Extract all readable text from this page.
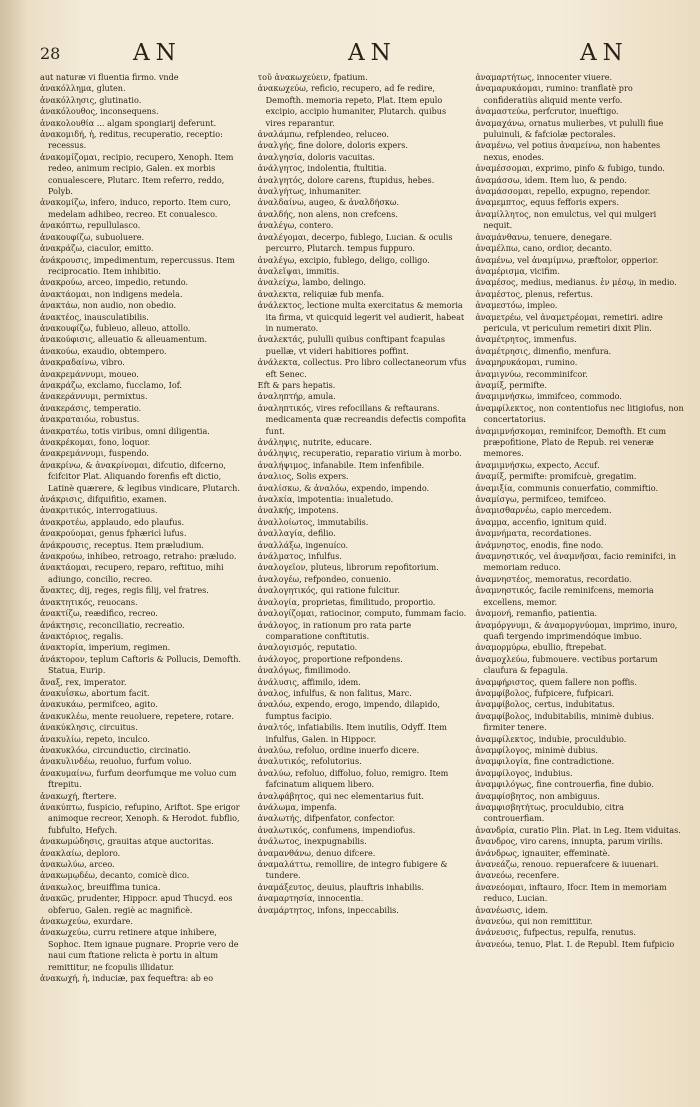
28	AN	AN	AN

aut naturæ vi fluentia firmo. vnde

ἀνακόλλημα, gluten.

ἀνακόλλησις, glutinatio.

ἀνακόλουθος, inconsequens.

ἀνακολουθία ... algam spongiarij deferunt.

ἀνακομιδή, ἡ, reditus, recuperatio, receptio: recessus.

ἀνακομίζομαι, recipio, recupero, Xenoph. Item redeo, animum recipio, Galen. ex morbis conualescere, Plutarc. Item referro, reddo, Polyb.

ἀνακομίζω, infero, induco, reporto. Item curo, medelam adhibeo, recreo. Et conualesco.

ἀνακόπτω, repullulasco.

ἀνακουφίζω, subuoluere.

ἀνακράζω, ciaculor, emitto.

ἀνάκρουσις, impedimentum, repercussus. Item reciprocatio. Item inhibitio.

ἀνακρούω, arceo, impedio, retundo.

ἀνακτάομαι, non indigens medela.

ἀνακτάω, non audio, non obedio.

ἀνακτέος, inausculatibilis.

ἀνακουφίζω, fubleuo, alleuo, attollo.

ἀνακούφισις, alleuatio & alleuamentum.

ἀνακούω, exaudio, obtempero.

ἀνακραδαίνω, vibro.

ἀνακρεμάννυμι, moueo.

ἀνακράζω, exclamo, fucclamo, Iof.

ἀνακεράννυμι, permixtus.

ἀνακεράσις, temperatio.

ἀνακραταιόω, robustus.

ἀνακρατέω, totis viribus, omni diligentia.

ἀνακρέκομαι, fono, loquor.

ἀνακρεμάννυμι, fuspendo.

ἀνακρίνω, & ἀνακρίνομαι, difcutio, difcerno, fcifcitor Plat. Aliquando forenfis eft dictio, Latinè quærere, & legibus vindicare, Plutarch.

ἀνάκρισις, difquifitio, examen.

ἀνακριτικός, interrogatiuus.

ἀνακροτέω, applaudo, edo plaufus.

ἀνακρούομαι, genus fphæricì lufus.

ἀνάκρουσις, receptus. Item præludium.

ἀνακρούω, inhibeo, retroago, retraho: præludo.

ἀνακτάομαι, recupero, reparo, reftituo, mihi adiungo, concilio, recreo.

ἄνακτες, dij, reges, regis filij, vel fratres.

ἀνακτητικός, reuocans.

ἀνακτίζω, reædifico, recreo.

ἀνάκτησις, reconciliatio, recreatio.

ἀνακτόριος, regalis.

ἀνακτορία, imperium, regimen.

ἀνάκτορον, teplum Caftoris & Pollucis, Demofth. Statua, Eurip.

ἄναξ, rex, imperator.

ἀνακυΐσκω, abortum facit.

ἀνακυκάω, permifceo, agito.

ἀνακυκλέω, mente reuoluere, repetere, rotare.

ἀνακύκλησις, circuitus.

ἀνακυλίω, repeto, inculco.

ἀνακυκλόω, circunductio, circinatio.

ἀνακυλινδέω, reuoluo, furfum voluo.

ἀνακυμαίνω, furfum deorfumque me voluo cum ftrepitu.

ἀνακωχή, ftertere.

ἀνακύπτω, fuspicio, refupino, Ariftot. Spe erigor animoque recreor, Xenoph. & Herodot. fubflio, fubfulto, Hefych.

ἀνακωμώδησις, grauitas atque auctoritas.

ἀνακλαίω, deploro.

ἀνακωλύω, arceo.

ἀνακωμῳδέω, decanto, comicè dico.

ἀνακωλος, breuiffima tunica.

ἀνακῶς, prudenter, Hippocr. apud Thucyd. eos obferuo, Galen. regiè ac magnificè.

ἀνακωχεύω, exurdare.

ἀνακωχεύω, curru retinere atque inhibere, Sophoc. Item ignaue pugnare. Proprie vero de naui cum ftatione relicta è portu in altum remittitur, ne fcopulis illidatur.

ἀνακωχή, ἡ, induciæ, pax fequeftra: ab eo

τοῦ ἀνακωχεύειν, fpatium.

ἀνακωχεύω, reficio, recupero, ad fe redire, Demofth. memoria repeto, Plat. Item epulo excipio, accipio humaniter, Plutarch. quibus vires reparantur.

ἀναλάμπω, refplendeo, reluceo.

ἀναλγής, fine dolore, doloris expers.

ἀναλγησία, doloris vacuitas.

ἀνάλγητος, indolentia, ftultitia.

ἀναλγητός, dolore carens, ftupidus, hebes.

ἀναλγήτως, inhumaniter.

ἀναλδαίνω, augeo, & ἀναλδήσκω.

ἀναλδής, non alens, non crefcens.

ἀναλέγω, contero.

ἀναλέγομαι, decerpo, fublego, Lucian. & oculis percurro, Plutarch. tempus fuppuro.

ἀναλέγω, excipio, fublego, deligo, colligo.

ἀναλεῖψαι, immitis.

ἀναλείχω, lambo, delingo.

ἀναλεκτα, reliquiæ fub menfa.

ἀνάλεκτος, lectione multa exercitatus & memoria ita firma, vt quicquid legerit vel audierit, habeat in numerato.

ἀναλεκτάς, pululli quibus conftipant fcapulas puellæ, vt videri habitiores poffint.

ἀνάλεκτα, collectus. Pro libro collectaneorum vfus eft Senec.

Eft & pars hepatis.

ἀναληπτήρ, amula.

ἀναληπτικός, vires refocillans & reftaurans. medicamenta quæ recreandis defectis compofita funt.

ἀνάληψις, nutrite, educare.

ἀνάληψις, recuperatio, reparatio virium à morbo.

ἀναλήψιμος, infanabile. Item infenfibile.

ἀναλιος, Solis expers.

ἀναλίσκω, & ἀναλόω, expendo, impendo.

ἀναλκία, impotentia: inualetudo.

ἀναλκής, impotens.

ἀναλλοίωτος, immutabilis.

ἀναλλαγία, defilio.

ἀναλλάξω, ingenuíco.

ἀνάλματος, infulfus.

ἀναλογεῖον, pluteus, librorum repofitorium.

ἀναλογέω, refpondeo, conuenio.

ἀναλογητικός, qui ratione fulcitur.

ἀναλογία, proprietas, fimilitudo, proportio.

ἀναλογίζομαι, ratiocinor, computo, fummam facio.

ἀνάλογος, in rationum pro rata parte comparatione conftitutis.

ἀναλογισμός, reputatio.

ἀνάλογος, proportione refpondens.

ἀναλόγως, fimilimodo.

ἀνάλυσις, affimilo, idem.

ἀναλος, infulfus, & non falitus, Marc.

ἀναλόω, expendo, erogo, impendo, dilapido, fumptus facipio.

ἀναλτός, infatiabilis. Item inutilis, Odyff. Item infulfus, Galen. in Hippocr.

ἀναλύω, refoluo, ordine inuerfo dicere.

ἀναλυτικός, refolutorius.

ἀναλύω, refoluo, diffoluo, foluo, remigro. Item fafcinatum aliquem libero.

ἀναλφάβητος, qui nec elementarius fuit.

ἀνάλωμα, impenfa.

ἀναλωτής, difpenfator, confector.

ἀναλωτικός, confumens, impendiofus.

ἀνάλωτος, inexpugnabilis.

ἀναμανθάνω, denuo difcere.

ἀναμαλάττω, remollire, de integro fubigere & tundere.

ἀναμάξευτος, deuius, plauftris inhabilis.

ἀναμαρτησία, innocentia.

ἀναμάρτητος, infons, inpeccabilis.

ἀναμαρτήτως, innocenter viuere.

ἀναμαρυκάομαι, rumino: tranflatè pro confideratiùs aliquid mente verfo.

ἀναμαστεύω, perfcrutor, inueftigo.

ἀναμαχάνω, ornatus mulierbes, vt pululli fiue puluinuli, & fafciolæ pectorales.

ἀναμένω, vel potius ἀναμείνω, non habentes nexus, enodes.

ἀναμέσσομαι, exprimo, pinfo & fubigo, tundo.

ἀναμάσσω, idem. Item luo, & pendo.

ἀναμάσσομαι, repello, expugno, rependor.

ἀναμεμπτος, equus fefforis expers.

ἀναμίλλητος, non emulctus, vel qui mulgeri nequit.

ἀναμάνθανω, tenuere, denegare.

ἀναμέλπω, cano, ordior, decanto.

ἀναμένω, vel ἀναμίμνω, præftolor, opperior.

ἀναμέρισμα, vicifim.

ἀναμέσος, medius, medianus. ἐν μέσῳ, in medio.

ἀναμέστος, plenus, refertus.

ἀναμεστόω, impleo.

ἀναμετρέω, vel ἀναμετρέομαι, remetiri. adire pericula, vt periculum remetiri dixit Plin.

ἀναμέτρητος, immenfus.

ἀναμέτρησις, dimenfio, menfura.

ἀναμηρυκάομαι, rumino.

ἀναμιγνύω, recomminifcor.

ἀναμίξ, permifte.

ἀναμιμνήσκω, immifceo, commodo.

ἀναμφίλεκτος, non contentiofus nec litigiofus, non concertatorius.

ἀναμιμνήσκομαι, reminifcor, Demofth. Et cum præpofitione, Plato de Repub. rei veneræ memores.

ἀναμιμνήσκω, expecto, Accuf.

ἀναμίξ, permifte: promifcuè, gregatim.

ἀναμιξία, communis conuerfatio, commiftio.

ἀναμίσγω, permifceo, temifceo.

ἀναμισθαρνέω, capio mercedem.

ἀναμμα, accenfio, ignitum quid.

ἀναμνήματα, recordationes.

ἀνάμνηστος, enodis, fine nodo.

ἀναμνηστικός, vel ἀναμνῆσαι, facio reminifci, in memoriam reduco.

ἀναμνηστέος, memoratus, recordatio.

ἀναμνηστικός, facile reminifcens, memoria excellens, memor.

ἀναμονή, remanfio, patientia.

ἀναμόργνυμι, & ἀναμοργνύομαι, imprimo, inuro, quafi tergendo imprimendóque imbuo.

ἀναμορμύρω, ebullio, ftrepebat.

ἀναμοχλεύω, fubmouere. vectibus portarum claufura & fepagula.

ἀναμφήριστος, quem fallere non poffis.

ἀναμφίβολος, fufpicere, fufpicari.

ἀναμφίβολος, certus, indubitatus.

ἀναμφίβολος, indubitabilis, minimè dubius. firmiter tenere.

ἀναμφίλεκτος, indubie, proculdubio.

ἀναμφίλογος, minimè dubius.

ἀναμφιλογία, fine contradictione.

ἀναμφίλογος, indubius.

ἀναμφιλόγως, fine controuerfia, fine dubio.

ἀναμφίσβητος, non ambiguus.

ἀναμφισβητήτως, proculdubio, citra controuerfiam.

ἀνανδρία, curatio Plin. Plat. in Leg. Item viduitas.

ἄνανδρος, viro carens, innupta, parum virilis.

ἀνάνδρως, ignauiter, effeminatè.

ἀνανεάζω, renouo. repuerafcere & iuuenari.

ἀνανεόω, recenfere.

ἀνανεόομαι, inftauro, Ifocr. Item in memoriam reduco, Lucian.

ἀνανέωσις, idem.

ἀνανεύω, qui non remittitur.

ἀνάνευσις, fufpectus, repulfa, renutus.

ἀνανεόω, tenuo, Plat. I. de Republ. Item fufpicio
